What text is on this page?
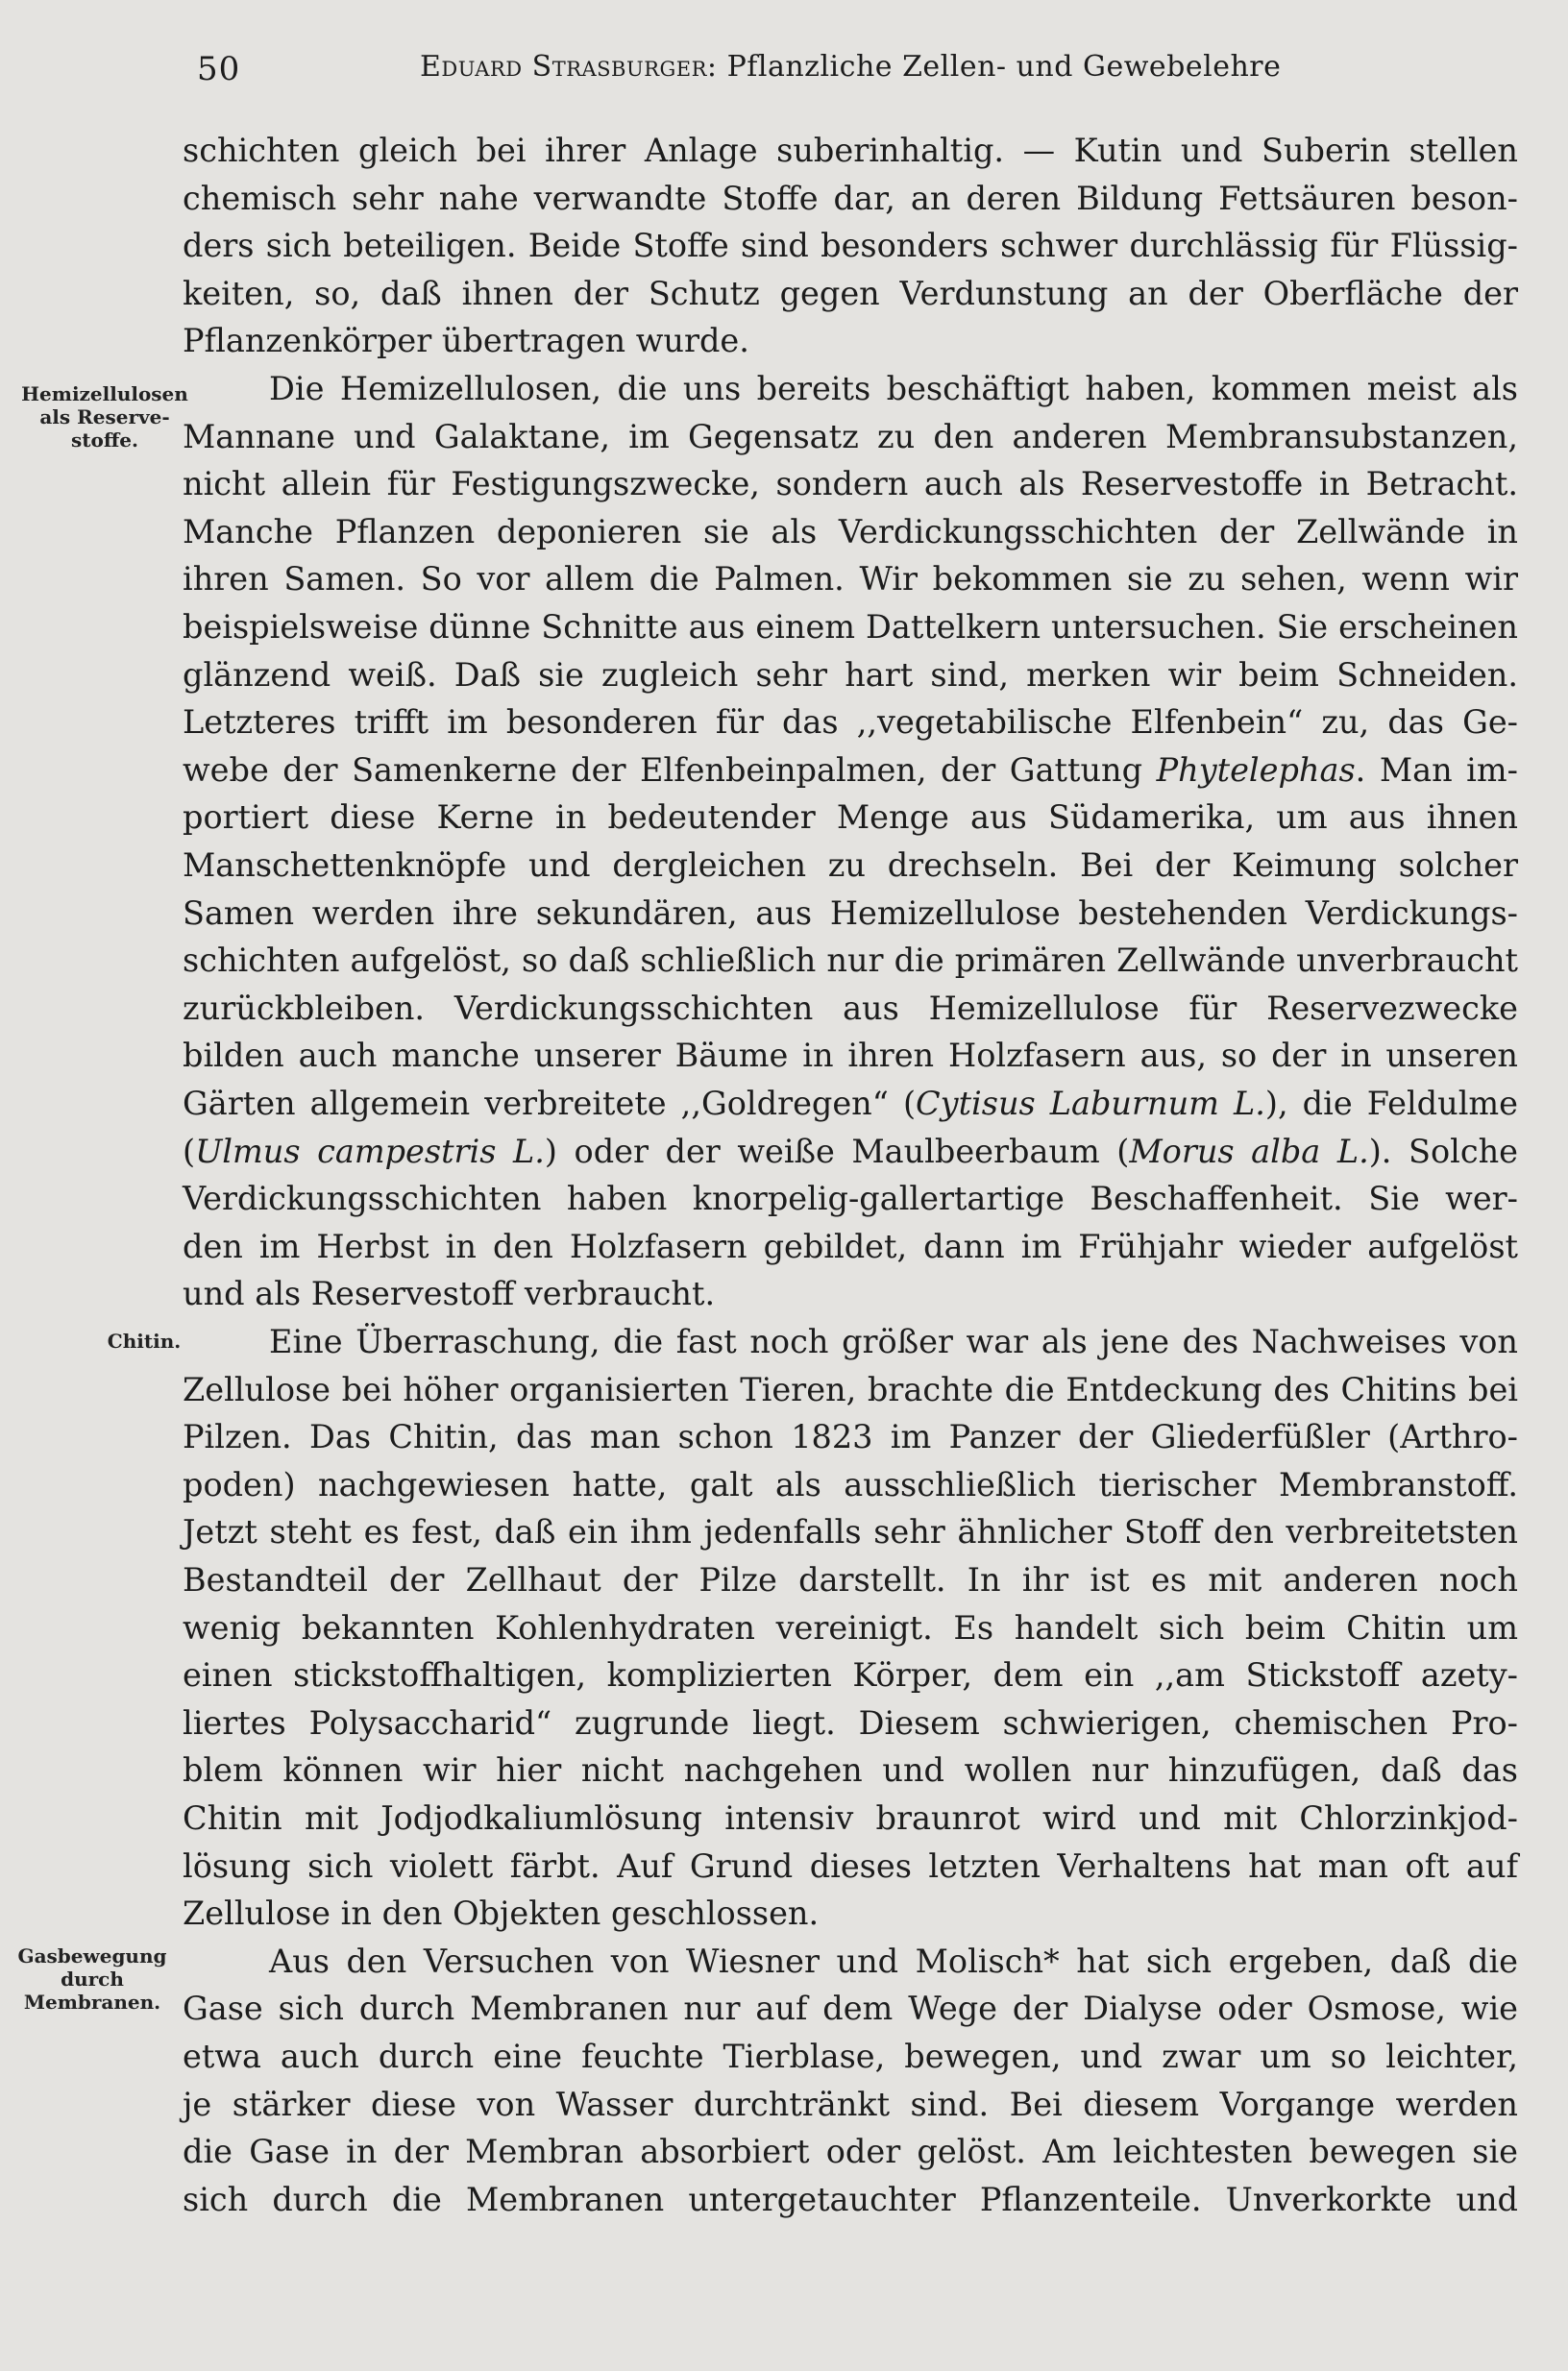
50	Eduard Strasburger: Pflanzliche Zellen- und Gewebelehre
Hemizellulosen
als Reserve-
stoffe.
Chitin.
Gasbewegung
durch
Membranen.
schichten gleich bei ihrer Anlage suberinhaltig. — Kutin und Suberin stellen
chemisch sehr nahe verwandte Stoffe dar, an deren Bildung Fettsäuren beson-
ders sich beteiligen. Beide Stoffe sind besonders schwer durchlässig für Flüssig-
keiten, so, daß ihnen der Schutz gegen Verdunstung an der Oberfläche der
Pflanzenkörper übertragen wurde.
Die Hemizellulosen, die uns bereits beschäftigt haben, kommen meist als
Mannane und Galaktane, im Gegensatz zu den anderen Membransubstanzen,
nicht allein für Festigungszwecke, sondern auch als Reservestoffe in Betracht.
Manche Pflanzen deponieren sie als Verdickungsschichten der Zellwände in
ihren Samen. So vor allem die Palmen. Wir bekommen sie zu sehen, wenn wir
beispielsweise dünne Schnitte aus einem Dattelkern untersuchen. Sie erscheinen
glänzend weiß. Daß sie zugleich sehr hart sind, merken wir beim Schneiden.
Letzteres trifft im besonderen für das ,,vegetabilische Elfenbein“ zu, das Ge-
webe der Samenkerne der Elfenbeinpalmen, der Gattung Phytelephas. Man im-
portiert diese Kerne in bedeutender Menge aus Südamerika, um aus ihnen
Manschettenknöpfe und dergleichen zu drechseln. Bei der Keimung solcher
Samen werden ihre sekundären, aus Hemizellulose bestehenden Verdickungs-
schichten aufgelöst, so daß schließlich nur die primären Zellwände unverbraucht
zurückbleiben. Verdickungsschichten aus Hemizellulose für Reservezwecke
bilden auch manche unserer Bäume in ihren Holzfasern aus, so der in unseren
Gärten allgemein verbreitete ,,Goldregen“ (Cytisus Laburnum L.), die Feldulme
(Ulmus campestris L.) oder der weiße Maulbeerbaum (Morus alba L.). Solche
Verdickungsschichten haben knorpelig-gallertartige Beschaffenheit. Sie wer-
den im Herbst in den Holzfasern gebildet, dann im Frühjahr wieder aufgelöst
und als Reservestoff verbraucht.
Eine Überraschung, die fast noch größer war als jene des Nachweises von
Zellulose bei höher organisierten Tieren, brachte die Entdeckung des Chitins bei
Pilzen. Das Chitin, das man schon 1823 im Panzer der Gliederfüßler (Arthro-
poden) nachgewiesen hatte, galt als ausschließlich tierischer Membranstoff.
Jetzt steht es fest, daß ein ihm jedenfalls sehr ähnlicher Stoff den verbreitetsten
Bestandteil der Zellhaut der Pilze darstellt. In ihr ist es mit anderen noch
wenig bekannten Kohlenhydraten vereinigt. Es handelt sich beim Chitin um
einen stickstoffhaltigen, komplizierten Körper, dem ein ,,am Stickstoff azety-
liertes Polysaccharid“ zugrunde liegt. Diesem schwierigen, chemischen Pro-
blem können wir hier nicht nachgehen und wollen nur hinzufügen, daß das
Chitin mit Jodjodkaliumlösung intensiv braunrot wird und mit Chlorzinkjod-
lösung sich violett färbt. Auf Grund dieses letzten Verhaltens hat man oft auf
Zellulose in den Objekten geschlossen.
Aus den Versuchen von Wiesner und Molisch* hat sich ergeben, daß die
Gase sich durch Membranen nur auf dem Wege der Dialyse oder Osmose, wie
etwa auch durch eine feuchte Tierblase, bewegen, und zwar um so leichter,
je stärker diese von Wasser durchtränkt sind. Bei diesem Vorgange werden
die Gase in der Membran absorbiert oder gelöst. Am leichtesten bewegen sie
sich durch die Membranen untergetauchter Pflanzenteile. Unverkorkte und
